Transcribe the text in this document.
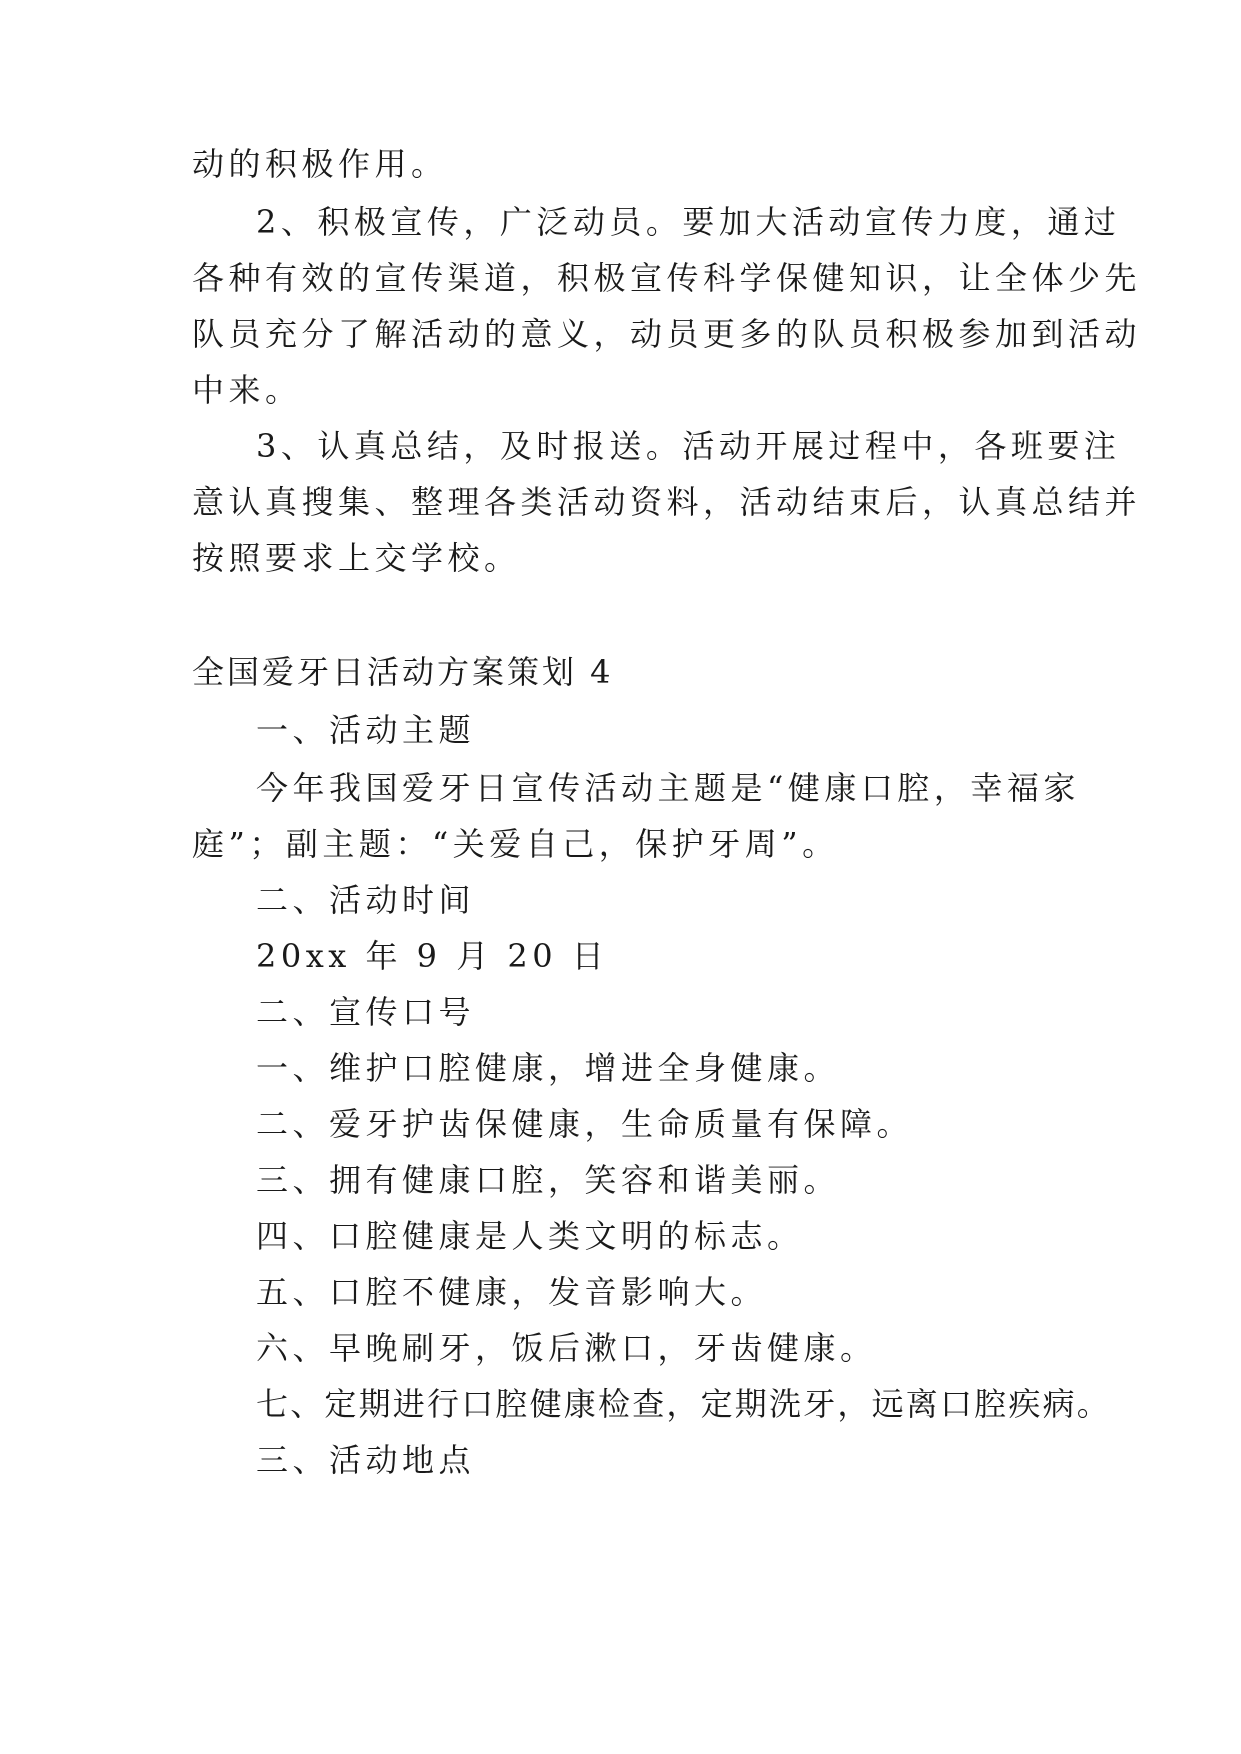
动的积极作用。
2、积极宣传，广泛动员。要加大活动宣传力度，通过
各种有效的宣传渠道，积极宣传科学保健知识，让全体少先
队员充分了解活动的意义，动员更多的队员积极参加到活动
中来。
3、认真总结，及时报送。活动开展过程中，各班要注
意认真搜集、整理各类活动资料，活动结束后，认真总结并
按照要求上交学校。
全国爱牙日活动方案策划 4
一、活动主题
今年我国爱牙日宣传活动主题是“健康口腔，幸福家
庭”；副主题：“关爱自己，保护牙周”。
二、活动时间
20xx 年 9 月 20 日
二、宣传口号
一、维护口腔健康，增进全身健康。
二、爱牙护齿保健康，生命质量有保障。
三、拥有健康口腔，笑容和谐美丽。
四、口腔健康是人类文明的标志。
五、口腔不健康，发音影响大。
六、早晚刷牙，饭后漱口，牙齿健康。
七、定期进行口腔健康检查，定期洗牙，远离口腔疾病。
三、活动地点
